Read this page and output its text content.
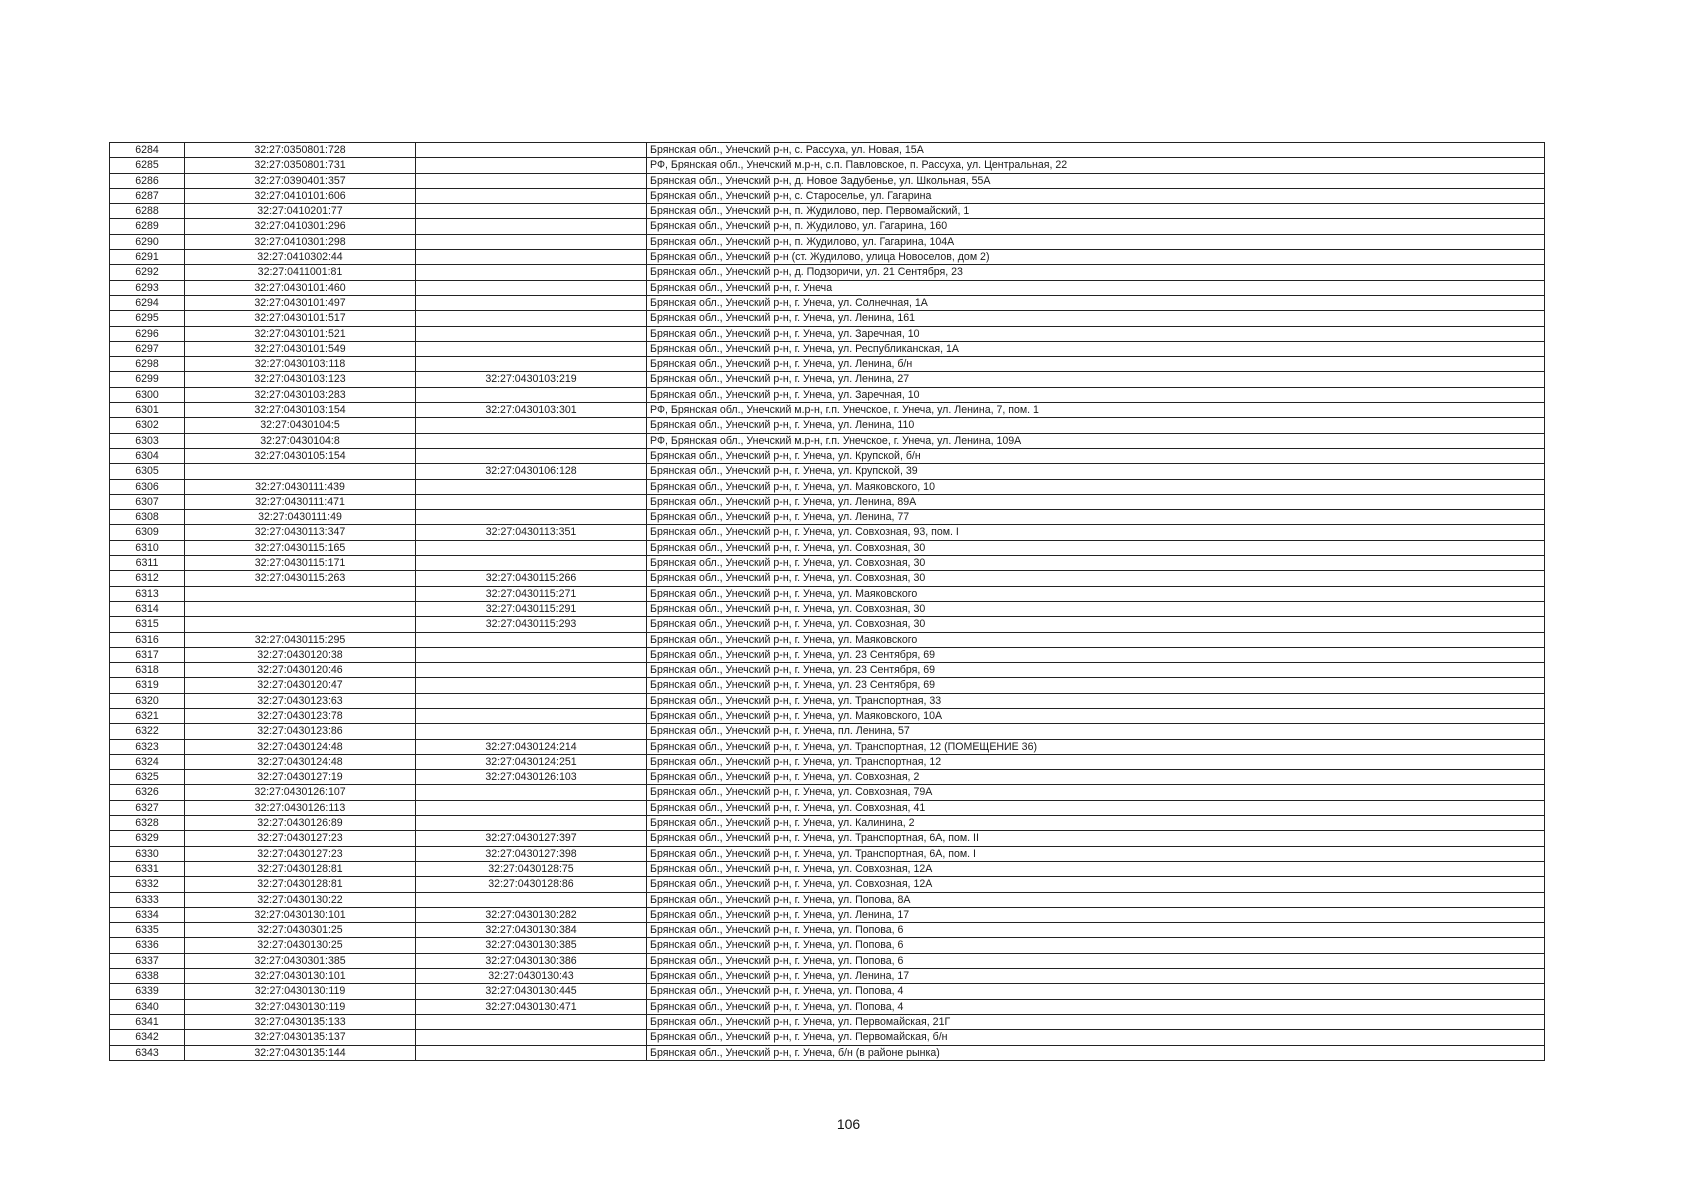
6284	32:27:0350801:728		Брянская обл., Унечский р-н, с. Рассуха, ул. Новая, 15А
6285	32:27:0350801:731		РФ, Брянская обл., Унечский м.р-н, с.п. Павловское, п. Рассуха, ул. Центральная, 22
6286	32:27:0390401:357		Брянская обл., Унечский р-н, д. Новое Задубенье, ул. Школьная, 55А
6287	32:27:0410101:606		Брянская обл., Унечский р-н, с. Староселье, ул. Гагарина
6288	32:27:0410201:77		Брянская обл., Унечский р-н, п. Жудилово, пер. Первомайский, 1
6289	32:27:0410301:296		Брянская обл., Унечский р-н, п. Жудилово, ул. Гагарина, 160
6290	32:27:0410301:298		Брянская обл., Унечский р-н, п. Жудилово, ул. Гагарина, 104А
6291	32:27:0410302:44		Брянская обл., Унечский р-н (ст. Жудилово, улица Новоселов, дом 2)
6292	32:27:0411001:81		Брянская обл., Унечский р-н, д. Подзоричи, ул. 21 Сентября, 23
6293	32:27:0430101:460		Брянская обл., Унечский р-н, г. Унеча
6294	32:27:0430101:497		Брянская обл., Унечский р-н, г. Унеча, ул. Солнечная, 1А
6295	32:27:0430101:517		Брянская обл., Унечский р-н, г. Унеча, ул. Ленина, 161
6296	32:27:0430101:521		Брянская обл., Унечский р-н, г. Унеча, ул. Заречная, 10
6297	32:27:0430101:549		Брянская обл., Унечский р-н, г. Унеча, ул. Республиканская, 1А
6298	32:27:0430103:118		Брянская обл., Унечский р-н, г. Унеча, ул. Ленина, б/н
6299	32:27:0430103:123	32:27:0430103:219	Брянская обл., Унечский р-н, г. Унеча, ул. Ленина, 27
6300	32:27:0430103:283		Брянская обл., Унечский р-н, г. Унеча, ул. Заречная, 10
6301	32:27:0430103:154	32:27:0430103:301	РФ, Брянская обл., Унечский м.р-н, г.п. Унечское, г. Унеча, ул. Ленина, 7, пом. 1
6302	32:27:0430104:5		Брянская обл., Унечский р-н, г. Унеча, ул. Ленина, 110
6303	32:27:0430104:8		РФ, Брянская обл., Унечский м.р-н, г.п. Унечское, г. Унеча, ул. Ленина, 109А
6304	32:27:0430105:154		Брянская обл., Унечский р-н, г. Унеча, ул. Крупской, б/н
6305		32:27:0430106:128	Брянская обл., Унечский р-н, г. Унеча, ул. Крупской, 39
6306	32:27:0430111:439		Брянская обл., Унечский р-н, г. Унеча, ул. Маяковского, 10
6307	32:27:0430111:471		Брянская обл., Унечский р-н, г. Унеча, ул. Ленина, 89А
6308	32:27:0430111:49		Брянская обл., Унечский р-н, г. Унеча, ул. Ленина, 77
6309	32:27:0430113:347	32:27:0430113:351	Брянская обл., Унечский р-н, г. Унеча, ул. Совхозная, 93, пом. I
6310	32:27:0430115:165		Брянская обл., Унечский р-н, г. Унеча, ул. Совхозная, 30
6311	32:27:0430115:171		Брянская обл., Унечский р-н, г. Унеча, ул. Совхозная, 30
6312	32:27:0430115:263	32:27:0430115:266	Брянская обл., Унечский р-н, г. Унеча, ул. Совхозная, 30
6313		32:27:0430115:271	Брянская обл., Унечский р-н, г. Унеча, ул. Маяковского
6314		32:27:0430115:291	Брянская обл., Унечский р-н, г. Унеча, ул. Совхозная, 30
6315		32:27:0430115:293	Брянская обл., Унечский р-н, г. Унеча, ул. Совхозная, 30
6316	32:27:0430115:295		Брянская обл., Унечский р-н, г. Унеча, ул. Маяковского
6317	32:27:0430120:38		Брянская обл., Унечский р-н, г. Унеча, ул. 23 Сентября, 69
6318	32:27:0430120:46		Брянская обл., Унечский р-н, г. Унеча, ул. 23 Сентября, 69
6319	32:27:0430120:47		Брянская обл., Унечский р-н, г. Унеча, ул. 23 Сентября, 69
6320	32:27:0430123:63		Брянская обл., Унечский р-н, г. Унеча, ул. Транспортная, 33
6321	32:27:0430123:78		Брянская обл., Унечский р-н, г. Унеча, ул. Маяковского, 10А
6322	32:27:0430123:86		Брянская обл., Унечский р-н, г. Унеча, пл. Ленина, 57
6323	32:27:0430124:48	32:27:0430124:214	Брянская обл., Унечский р-н, г. Унеча, ул. Транспортная, 12 (ПОМЕЩЕНИЕ 36)
6324	32:27:0430124:48	32:27:0430124:251	Брянская обл., Унечский р-н, г. Унеча, ул. Транспортная, 12
6325	32:27:0430127:19	32:27:0430126:103	Брянская обл., Унечский р-н, г. Унеча, ул. Совхозная, 2
6326	32:27:0430126:107		Брянская обл., Унечский р-н, г. Унеча, ул. Совхозная, 79А
6327	32:27:0430126:113		Брянская обл., Унечский р-н, г. Унеча, ул. Совхозная, 41
6328	32:27:0430126:89		Брянская обл., Унечский р-н, г. Унеча, ул. Калинина, 2
6329	32:27:0430127:23	32:27:0430127:397	Брянская обл., Унечский р-н, г. Унеча, ул. Транспортная, 6А, пом. II
6330	32:27:0430127:23	32:27:0430127:398	Брянская обл., Унечский р-н, г. Унеча, ул. Транспортная, 6А, пом. I
6331	32:27:0430128:81	32:27:0430128:75	Брянская обл., Унечский р-н, г. Унеча, ул. Совхозная, 12А
6332	32:27:0430128:81	32:27:0430128:86	Брянская обл., Унечский р-н, г. Унеча, ул. Совхозная, 12А
6333	32:27:0430130:22		Брянская обл., Унечский р-н, г. Унеча, ул. Попова, 8А
6334	32:27:0430130:101	32:27:0430130:282	Брянская обл., Унечский р-н, г. Унеча, ул. Ленина, 17
6335	32:27:0430301:25	32:27:0430130:384	Брянская обл., Унечский р-н, г. Унеча, ул. Попова, 6
6336	32:27:0430130:25	32:27:0430130:385	Брянская обл., Унечский р-н, г. Унеча, ул. Попова, 6
6337	32:27:0430301:385	32:27:0430130:386	Брянская обл., Унечский р-н, г. Унеча, ул. Попова, 6
6338	32:27:0430130:101	32:27:0430130:43	Брянская обл., Унечский р-н, г. Унеча, ул. Ленина, 17
6339	32:27:0430130:119	32:27:0430130:445	Брянская обл., Унечский р-н, г. Унеча, ул. Попова, 4
6340	32:27:0430130:119	32:27:0430130:471	Брянская обл., Унечский р-н, г. Унеча, ул. Попова, 4
6341	32:27:0430135:133		Брянская обл., Унечский р-н, г. Унеча, ул. Первомайская, 21Г
6342	32:27:0430135:137		Брянская обл., Унечский р-н, г. Унеча, ул. Первомайская, б/н
6343	32:27:0430135:144		Брянская обл., Унечский р-н, г. Унеча, б/н (в районе рынка)
106
